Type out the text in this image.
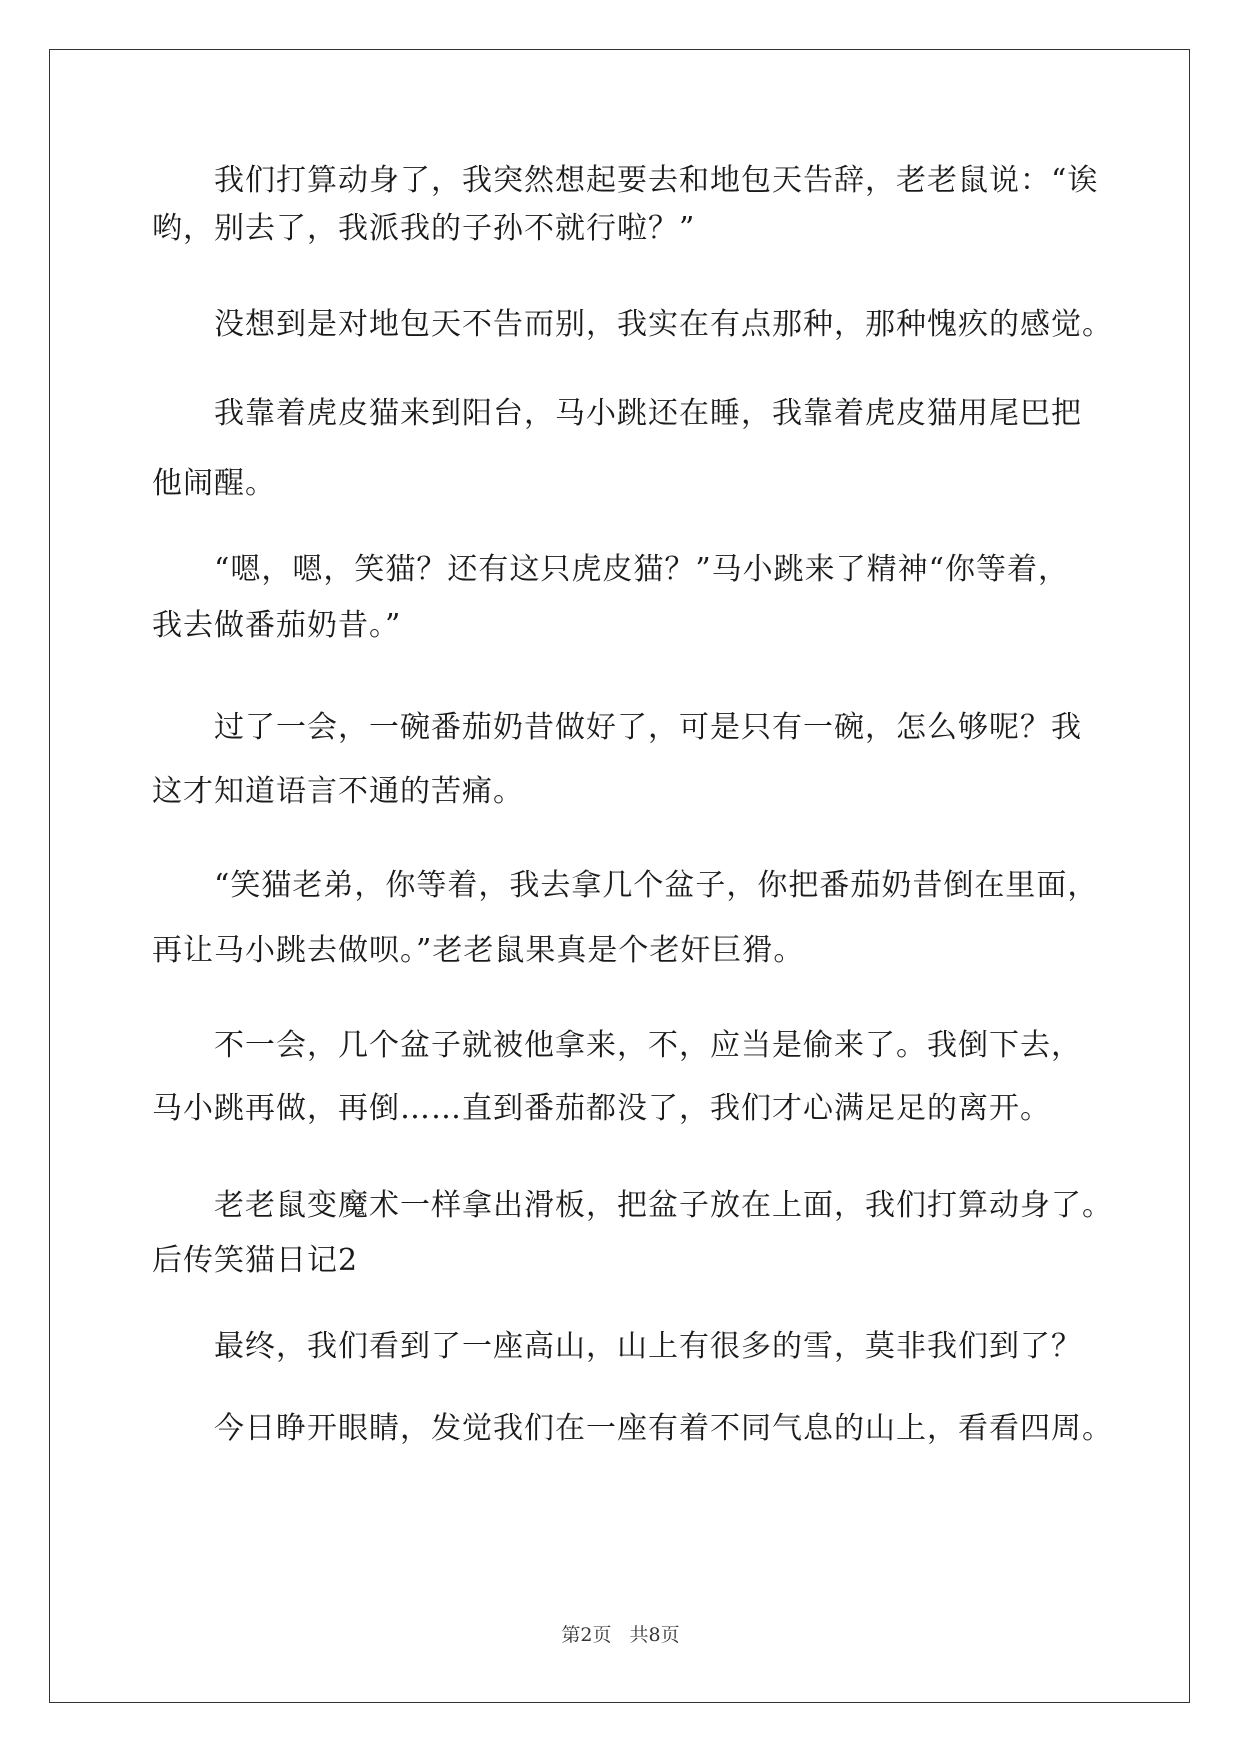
　　我们打算动身了，我突然想起要去和地包天告辞，老老鼠说：“诶
哟，别去了，我派我的子孙不就行啦？”
　　没想到是对地包天不告而别，我实在有点那种，那种愧疚的感觉。
　　我靠着虎皮猫来到阳台，马小跳还在睡，我靠着虎皮猫用尾巴把
他闹醒。
　　“嗯，嗯，笑猫？还有这只虎皮猫？”马小跳来了精神“你等着，
我去做番茄奶昔。”
　　过了一会，一碗番茄奶昔做好了，可是只有一碗，怎么够呢？我
这才知道语言不通的苦痛。
　　“笑猫老弟，你等着，我去拿几个盆子，你把番茄奶昔倒在里面，
再让马小跳去做呗。”老老鼠果真是个老奸巨猾。
　　不一会，几个盆子就被他拿来，不，应当是偷来了。我倒下去，
马小跳再做，再倒……直到番茄都没了，我们才心满足足的离开。
　　老老鼠变魔术一样拿出滑板，把盆子放在上面，我们打算动身了。
后传笑猫日记2
　　最终，我们看到了一座高山，山上有很多的雪，莫非我们到了？
　　今日睁开眼睛，发觉我们在一座有着不同气息的山上，看看四周。
第2页 共8页
